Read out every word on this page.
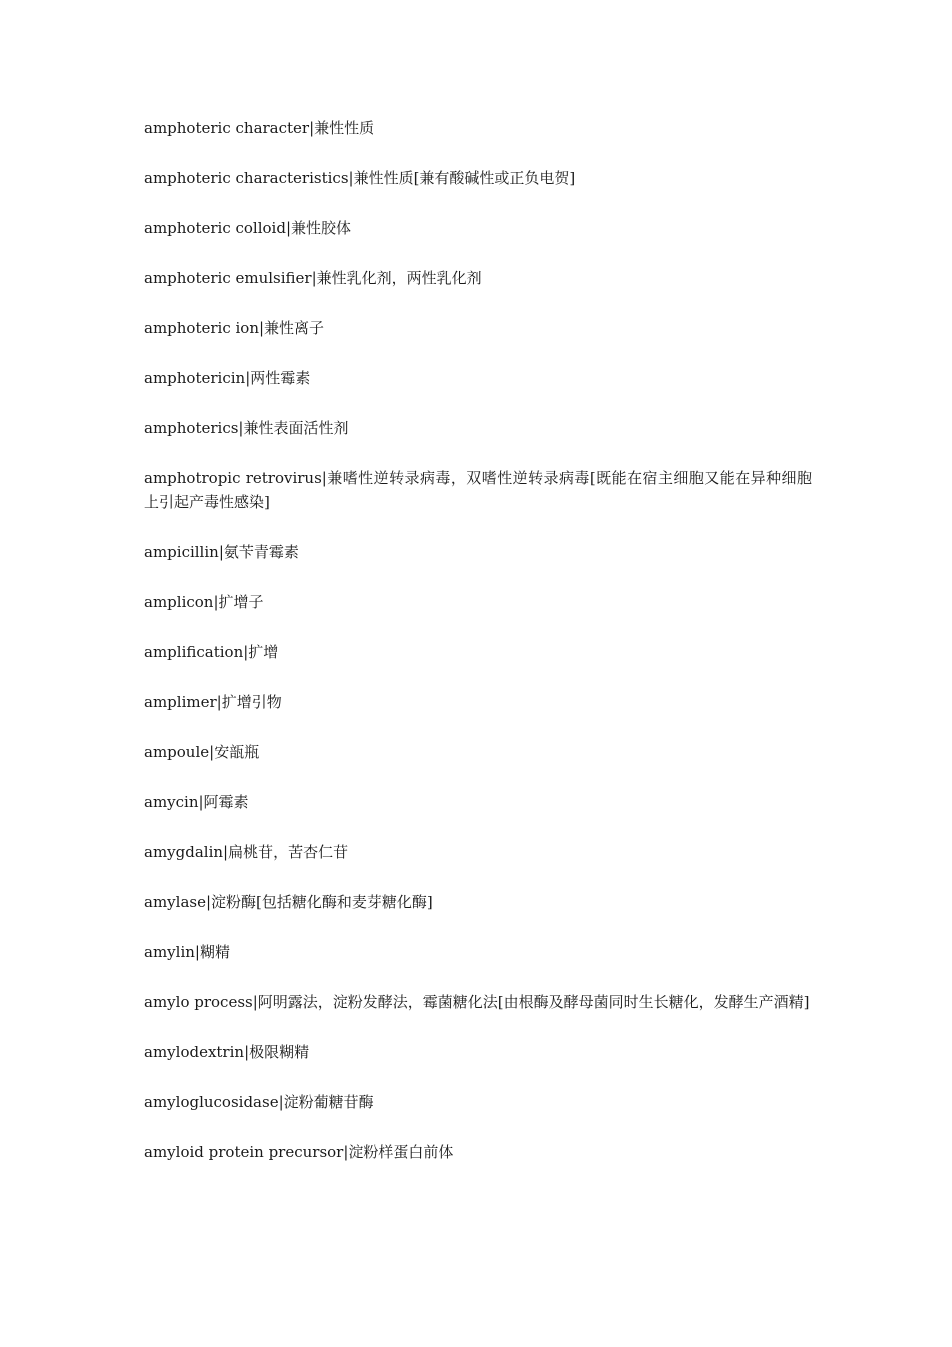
amphoteric character|兼性性质
amphoteric characteristics|兼性性质[兼有酸碱性或正负电贺]
amphoteric colloid|兼性胶体
amphoteric emulsifier|兼性乳化剂，两性乳化剂
amphoteric ion|兼性离子
amphotericin|两性霉素
amphoterics|兼性表面活性剂
amphotropic retrovirus|兼嗜性逆转录病毒，双嗜性逆转录病毒[既能在宿主细胞又能在异种细胞上引起产毒性感染]
ampicillin|氨苄青霉素
amplicon|扩增子
amplification|扩增
amplimer|扩增引物
ampoule|安瓿瓶
amycin|阿霉素
amygdalin|扁桃苷，苦杏仁苷
amylase|淀粉酶[包括糖化酶和麦芽糖化酶]
amylin|糊精
amylo process|阿明露法，淀粉发酵法，霉菌糖化法[由根酶及酵母菌同时生长糖化，发酵生产酒精]
amylodextrin|极限糊精
amyloglucosidase|淀粉葡糖苷酶
amyloid protein precursor|淀粉样蛋白前体
